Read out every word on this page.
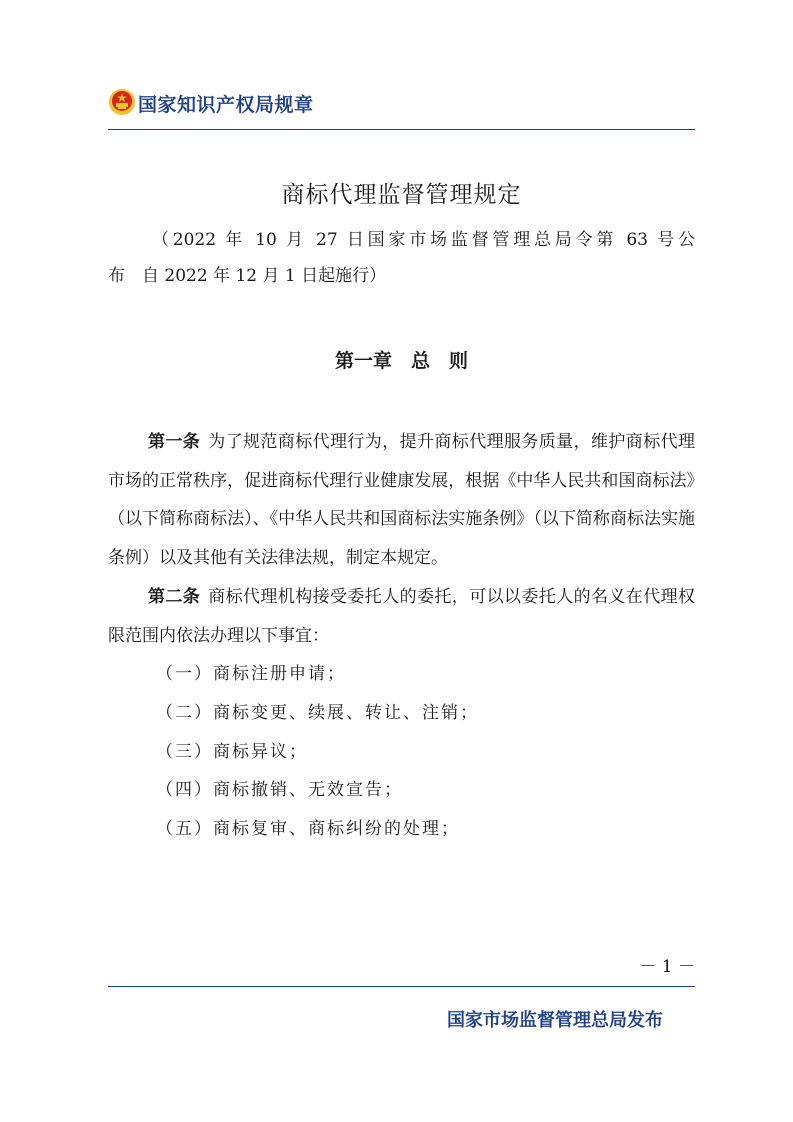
国家知识产权局规章
商标代理监督管理规定
（2022 年 10 月 27 日国家市场监督管理总局令第 63 号公
布　自 2022 年 12 月 1 日起施行）
第一章　总　则

第一条 为了规范商标代理行为，提升商标代理服务质量，维护商标代理市场的正常秩序，促进商标代理行业健康发展，根据《中华人民共和国商标法》（以下简称商标法）、《中华人民共和国商标法实施条例》（以下简称商标法实施条例）以及其他有关法律法规，制定本规定。

第二条 商标代理机构接受委托人的委托，可以以委托人的名义在代理权限范围内依法办理以下事宜：

（一）商标注册申请；

（二）商标变更、续展、转让、注销；

（三）商标异议；

（四）商标撤销、无效宣告；

（五）商标复审、商标纠纷的处理；

－ 1 －
国家市场监督管理总局发布
